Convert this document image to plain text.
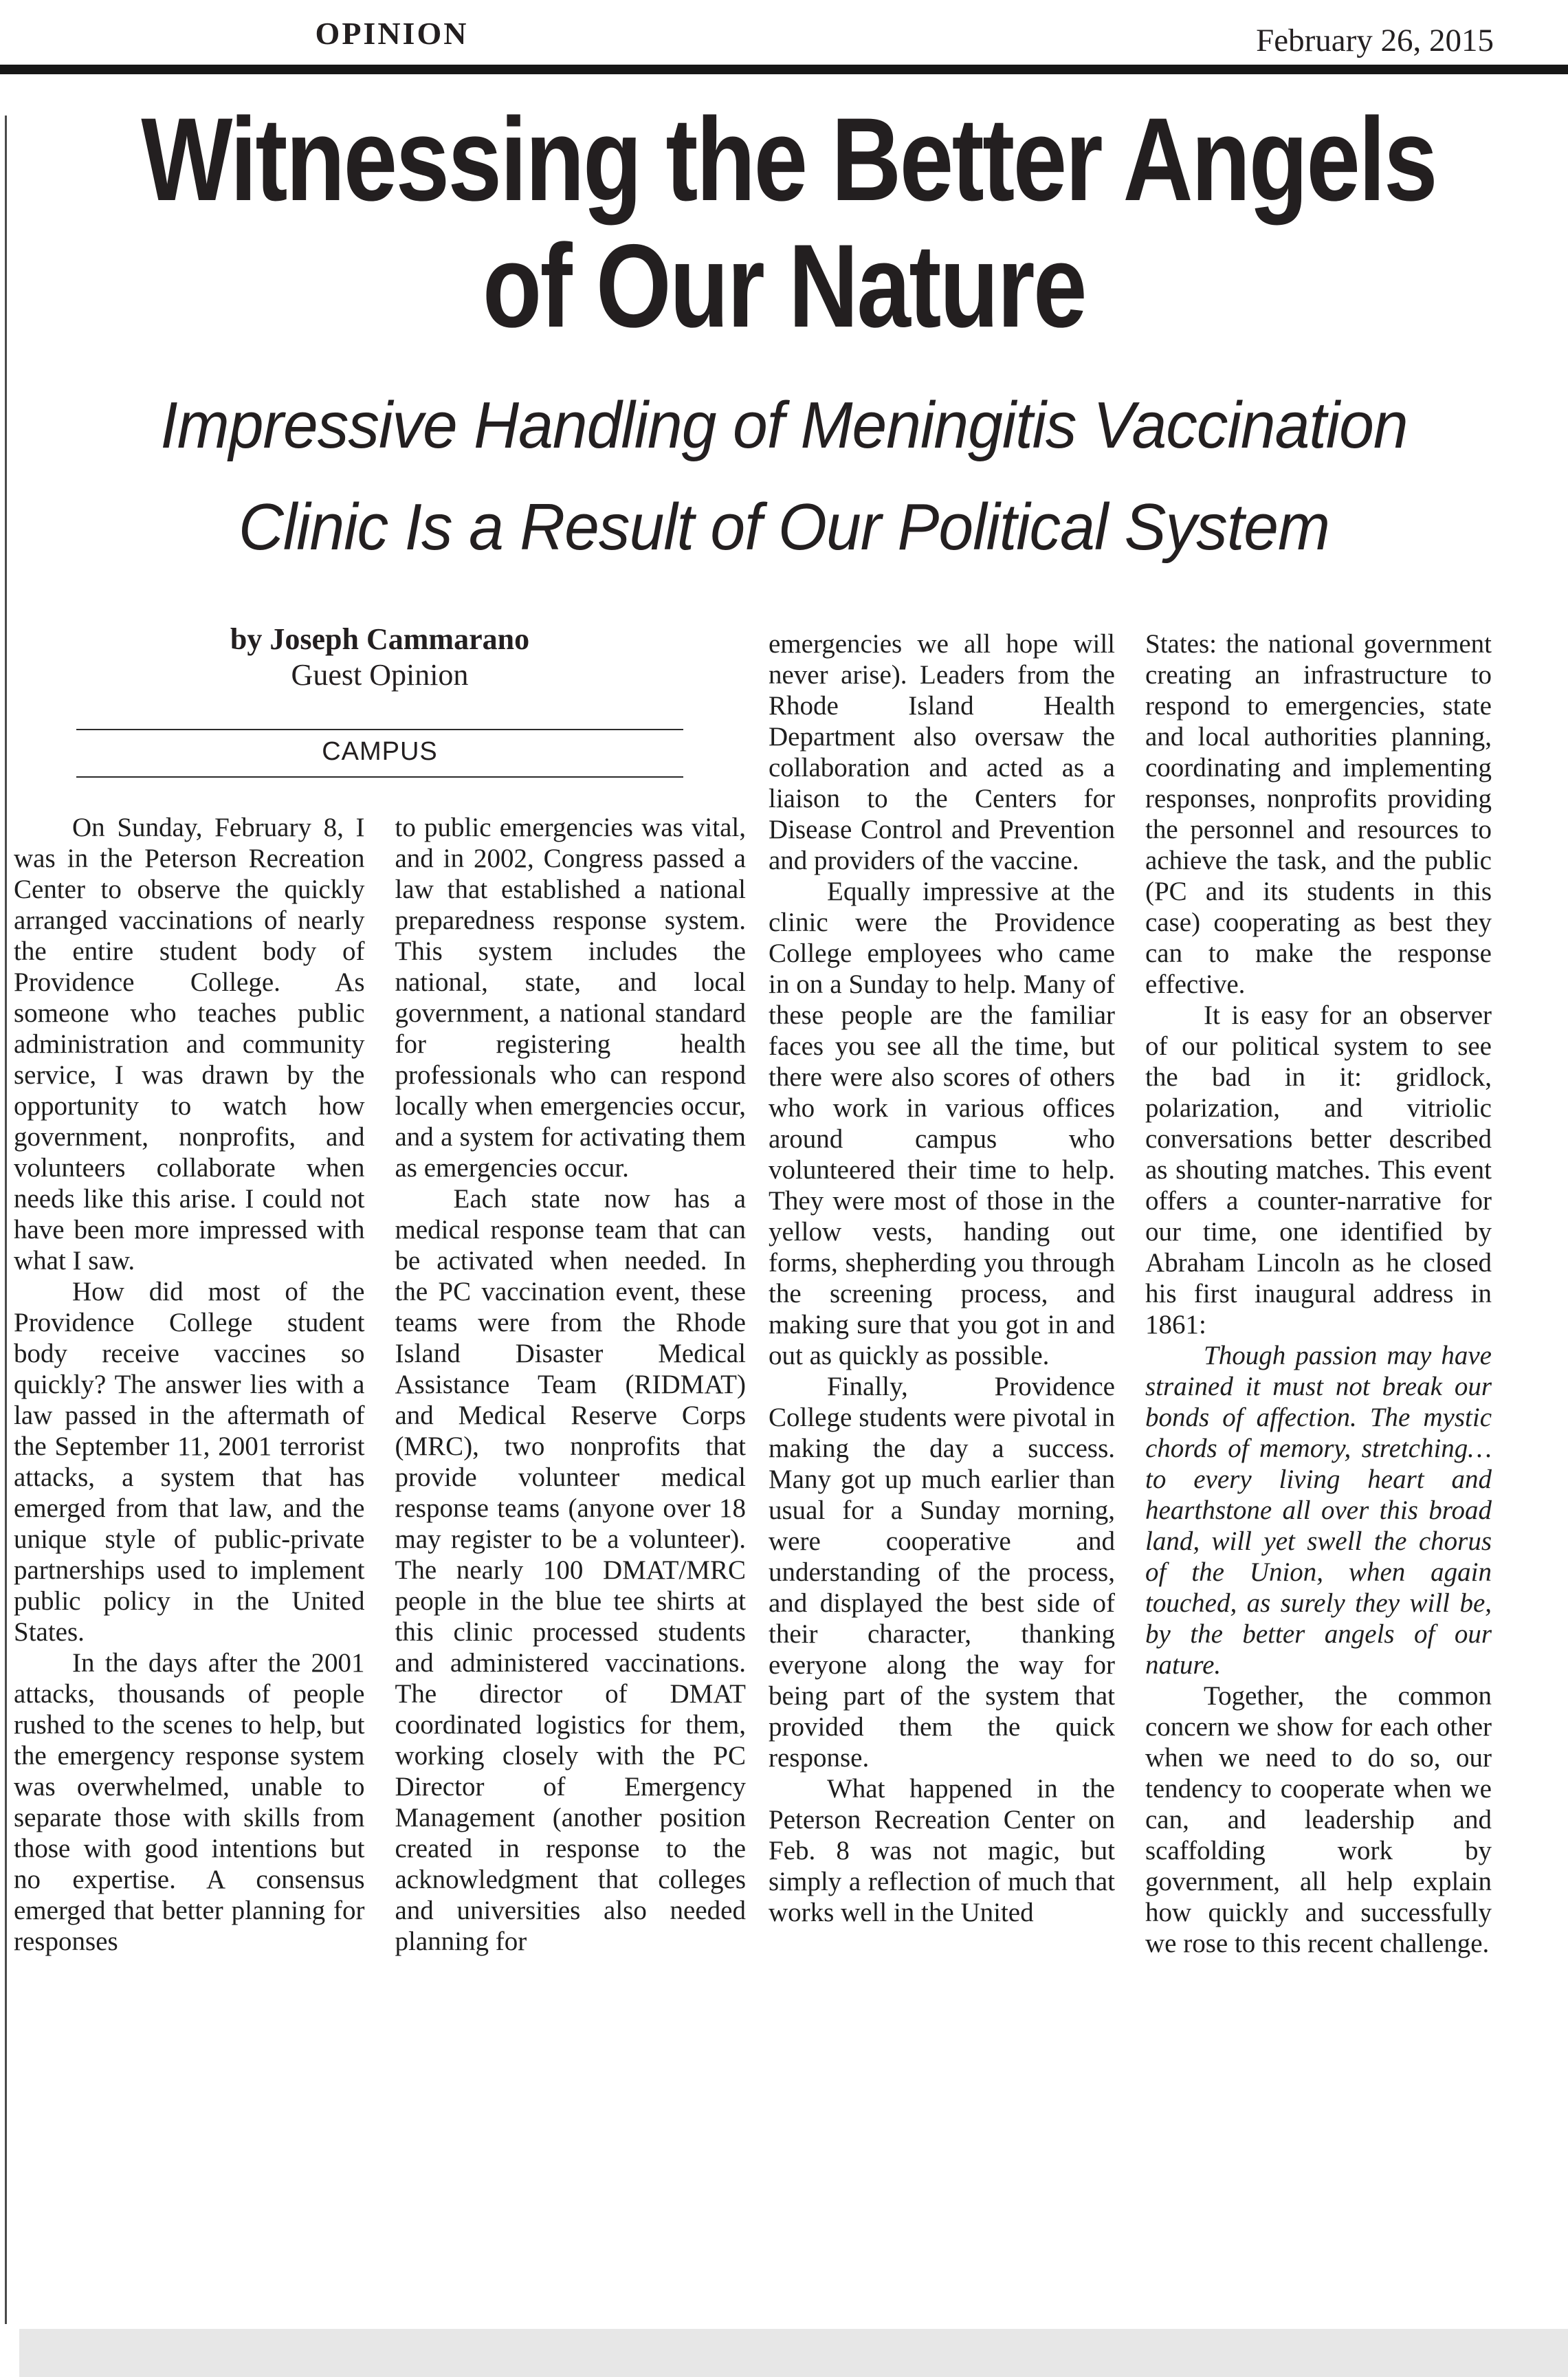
OPINION	February 26, 2015
Witnessing the Better Angels
of Our Nature
Impressive Handling of Meningitis Vaccination
Clinic Is a Result of Our Political System
by Joseph Cammarano
Guest Opinion
CAMPUS

On Sunday, February 8, I was in the Peterson Recreation Center to observe the quickly arranged vaccinations of nearly the entire student body of Providence College. As someone who teaches public administration and community service, I was drawn by the opportunity to watch how government, nonprofits, and volunteers collaborate when needs like this arise. I could not have been more impressed with what I saw.

How did most of the Providence College student body receive vaccines so quickly? The answer lies with a law passed in the aftermath of the September 11, 2001 terrorist attacks, a system that has emerged from that law, and the unique style of public-private partnerships used to implement public policy in the United States.

In the days after the 2001 attacks, thousands of people rushed to the scenes to help, but the emergency response system was overwhelmed, unable to separate those with skills from those with good intentions but no expertise. A consensus emerged that better planning for responses

to public emergencies was vital, and in 2002, Congress passed a law that established a national preparedness response system. This system includes the national, state, and local government, a national standard for registering health professionals who can respond locally when emergencies occur, and a system for activating them as emergencies occur.

Each state now has a medical response team that can be activated when needed. In the PC vaccination event, these teams were from the Rhode Island Disaster Medical Assistance Team (RIDMAT) and Medical Reserve Corps (MRC), two nonprofits that provide volunteer medical response teams (anyone over 18 may register to be a volunteer). The nearly 100 DMAT/MRC people in the blue tee shirts at this clinic processed students and administered vaccinations. The director of DMAT coordinated logistics for them, working closely with the PC Director of Emergency Management (another position created in response to the acknowledgment that colleges and universities also needed planning for

emergencies we all hope will never arise). Leaders from the Rhode Island Health Department also oversaw the collaboration and acted as a liaison to the Centers for Disease Control and Prevention and providers of the vaccine.

Equally impressive at the clinic were the Providence College employees who came in on a Sunday to help. Many of these people are the familiar faces you see all the time, but there were also scores of others who work in various offices around campus who volunteered their time to help. They were most of those in the yellow vests, handing out forms, shepherding you through the screening process, and making sure that you got in and out as quickly as possible.

Finally, Providence College students were pivotal in making the day a success. Many got up much earlier than usual for a Sunday morning, were cooperative and understanding of the process, and displayed the best side of their character, thanking everyone along the way for being part of the system that provided them the quick response.

What happened in the Peterson Recreation Center on Feb. 8 was not magic, but simply a reflection of much that works well in the United

States: the national government creating an infrastructure to respond to emergencies, state and local authorities planning, coordinating and implementing responses, nonprofits providing the personnel and resources to achieve the task, and the public (PC and its students in this case) cooperating as best they can to make the response effective.

It is easy for an observer of our political system to see the bad in it: gridlock, polarization, and vitriolic conversations better described as shouting matches. This event offers a counter-narrative for our time, one identified by Abraham Lincoln as he closed his first inaugural address in 1861:

Though passion may have strained it must not break our bonds of affection. The mystic chords of memory, stretching… to every living heart and hearthstone all over this broad land, will yet swell the chorus of the Union, when again touched, as surely they will be, by the better angels of our nature.

Together, the common concern we show for each other when we need to do so, our tendency to cooperate when we can, and leadership and scaffolding work by government, all help explain how quickly and successfully we rose to this recent challenge.
